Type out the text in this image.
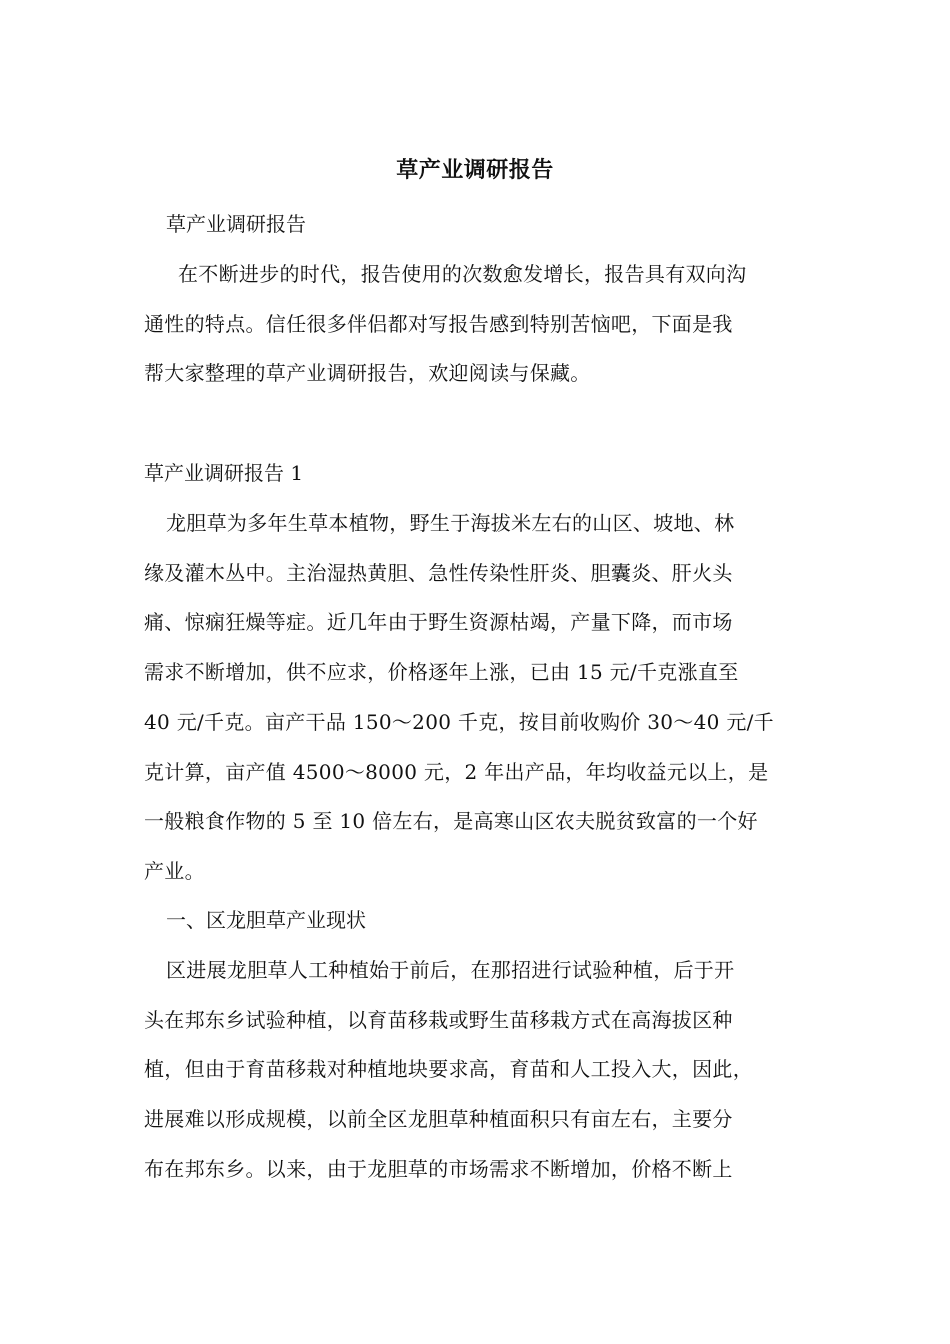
草产业调研报告
草产业调研报告
在不断进步的时代，报告使用的次数愈发增长，报告具有双向沟
通性的特点。信任很多伴侣都对写报告感到特别苦恼吧，下面是我
帮大家整理的草产业调研报告，欢迎阅读与保藏。
草产业调研报告 1
龙胆草为多年生草本植物，野生于海拔米左右的山区、坡地、林
缘及灌木丛中。主治湿热黄胆、急性传染性肝炎、胆囊炎、肝火头
痛、惊痫狂燥等症。近几年由于野生资源枯竭，产量下降，而市场
需求不断增加，供不应求，价格逐年上涨，已由 15 元/千克涨直至
40 元/千克。亩产干品 150～200 千克，按目前收购价 30～40 元/千
克计算，亩产值 4500～8000 元，2 年出产品，年均收益元以上，是
一般粮食作物的 5 至 10 倍左右，是高寒山区农夫脱贫致富的一个好
产业。
一、区龙胆草产业现状
区进展龙胆草人工种植始于前后，在那招进行试验种植，后于开
头在邦东乡试验种植，以育苗移栽或野生苗移栽方式在高海拔区种
植，但由于育苗移栽对种植地块要求高，育苗和人工投入大，因此，
进展难以形成规模，以前全区龙胆草种植面积只有亩左右，主要分
布在邦东乡。以来，由于龙胆草的市场需求不断增加，价格不断上
